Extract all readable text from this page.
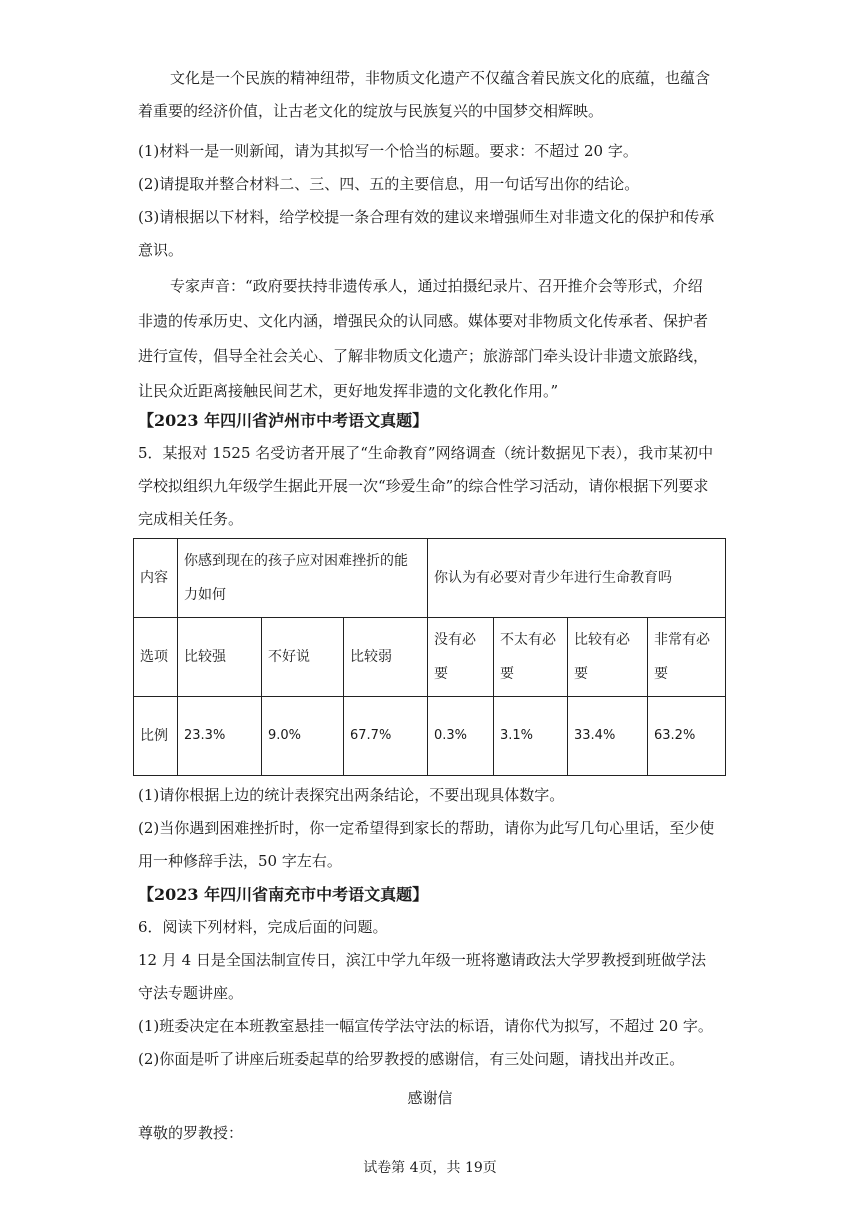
文化是一个民族的精神纽带，非物质文化遗产不仅蕴含着民族文化的底蕴，也蕴含

着重要的经济价值，让古老文化的绽放与民族复兴的中国梦交相辉映。

(1)材料一是一则新闻，请为其拟写一个恰当的标题。要求：不超过 20 字。

(2)请提取并整合材料二、三、四、五的主要信息，用一句话写出你的结论。

(3)请根据以下材料，给学校提一条合理有效的建议来增强师生对非遗文化的保护和传承

意识。

专家声音：“政府要扶持非遗传承人，通过拍摄纪录片、召开推介会等形式，介绍

非遗的传承历史、文化内涵，增强民众的认同感。媒体要对非物质文化传承者、保护者

进行宣传，倡导全社会关心、了解非物质文化遗产；旅游部门牵头设计非遗文旅路线，

让民众近距离接触民间艺术，更好地发挥非遗的文化教化作用。”

【2023 年四川省泸州市中考语文真题】

5．某报对 1525 名受访者开展了“生命教育”网络调查（统计数据见下表），我市某初中

学校拟组织九年级学生据此开展一次“珍爱生命”的综合性学习活动，请你根据下列要求

完成相关任务。

内容	你感到现在的孩子应对困难挫折的能力如何			你认为有必要对青少年进行生命教育吗			
选项	比较强	不好说	比较弱	没有必要	不太有必要	比较有必要	非常有必要
比例	23.3%	9.0%	67.7%	0.3%	3.1%	33.4%	63.2%

(1)请你根据上边的统计表探究出两条结论，不要出现具体数字。

(2)当你遇到困难挫折时，你一定希望得到家长的帮助，请你为此写几句心里话，至少使

用一种修辞手法，50 字左右。

【2023 年四川省南充市中考语文真题】

6．阅读下列材料，完成后面的问题。

12 月 4 日是全国法制宣传日，滨江中学九年级一班将邀请政法大学罗教授到班做学法

守法专题讲座。

(1)班委决定在本班教室悬挂一幅宣传学法守法的标语，请你代为拟写，不超过 20 字。

(2)你面是听了讲座后班委起草的给罗教授的感谢信，有三处问题，请找出并改正。

感谢信

尊敬的罗教授：

试卷第 4页，共 19页
